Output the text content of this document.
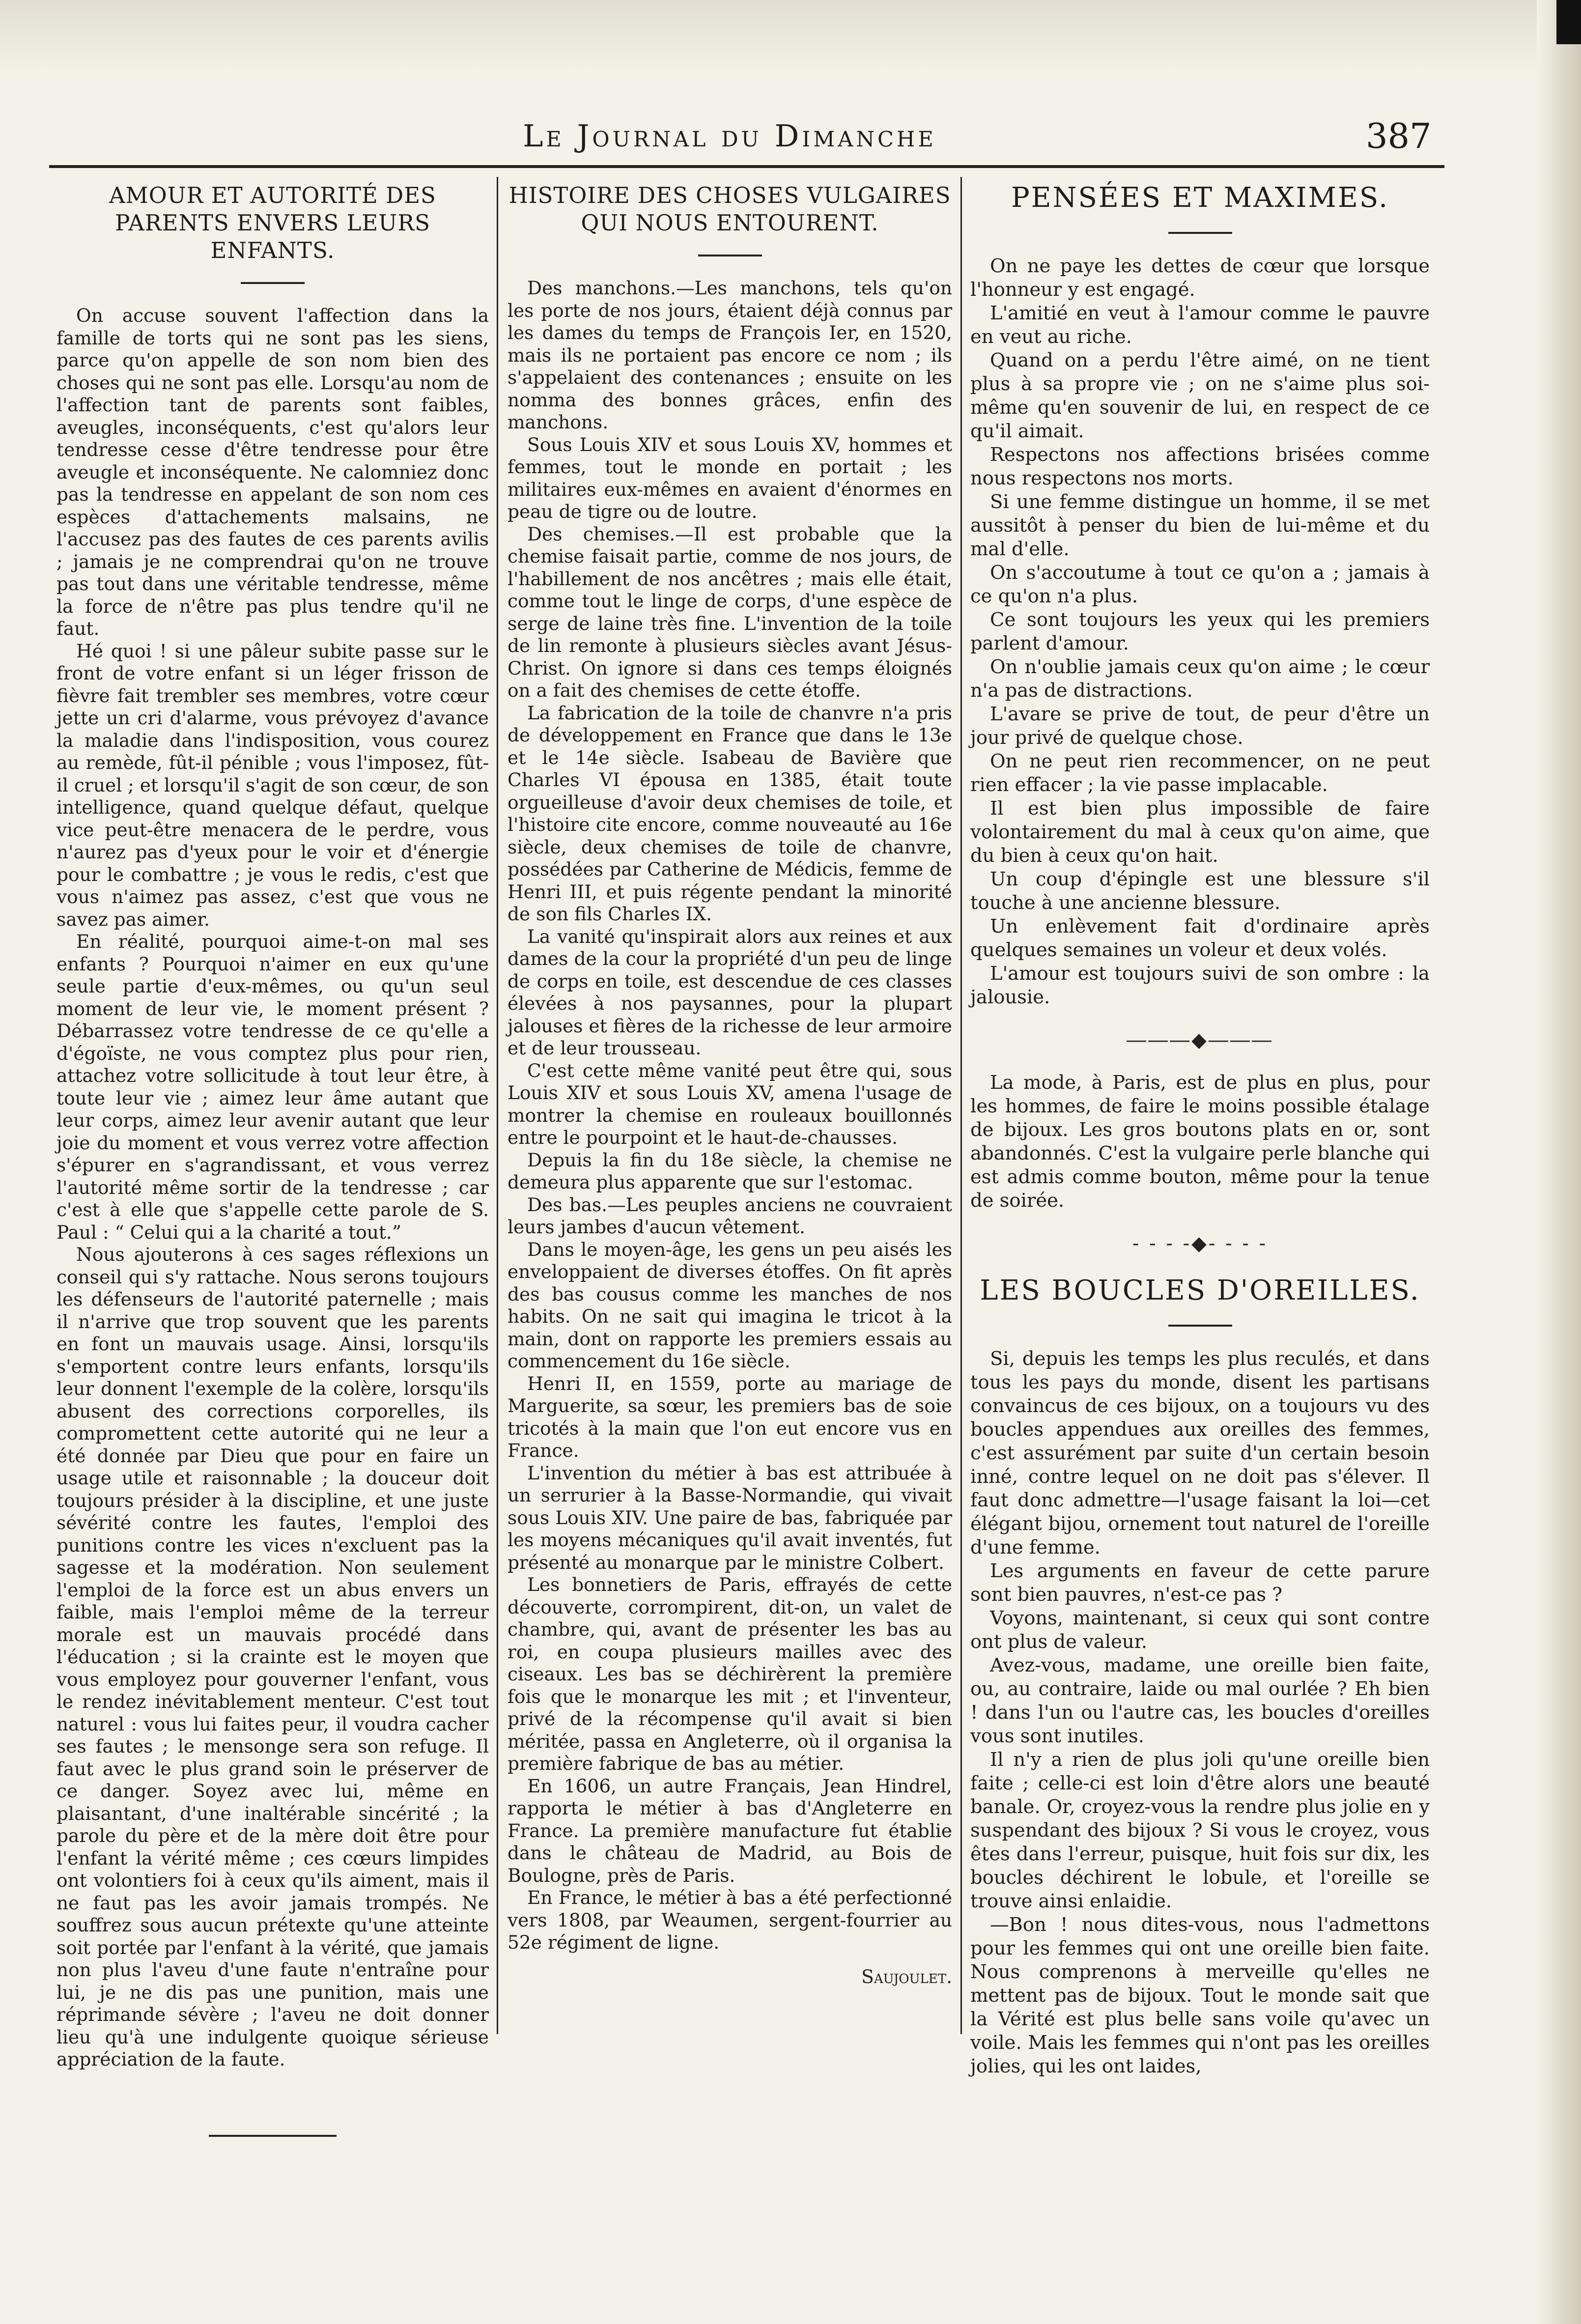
Le Journal du Dimanche	387
AMOUR ET AUTORITÉ DES PARENTS ENVERS LEURS ENFANTS.

On accuse souvent l'affection dans la famille de torts qui ne sont pas les siens, parce qu'on appelle de son nom bien des choses qui ne sont pas elle. Lorsqu'au nom de l'affection tant de parents sont faibles, aveugles, inconséquents, c'est qu'alors leur tendresse cesse d'être tendresse pour être aveugle et inconséquente. Ne calomniez donc pas la tendresse en appelant de son nom ces espèces d'attachements malsains, ne l'accusez pas des fautes de ces parents avilis ; jamais je ne comprendrai qu'on ne trouve pas tout dans une véritable tendresse, même la force de n'être pas plus tendre qu'il ne faut.

Hé quoi ! si une pâleur subite passe sur le front de votre enfant si un léger frisson de fièvre fait trembler ses membres, votre cœur jette un cri d'alarme, vous prévoyez d'avance la maladie dans l'indisposition, vous courez au remède, fût-il pénible ; vous l'imposez, fût-il cruel ; et lorsqu'il s'agit de son cœur, de son intelligence, quand quelque défaut, quelque vice peut-être menacera de le perdre, vous n'aurez pas d'yeux pour le voir et d'énergie pour le combattre ; je vous le redis, c'est que vous n'aimez pas assez, c'est que vous ne savez pas aimer.

En réalité, pourquoi aime-t-on mal ses enfants ? Pourquoi n'aimer en eux qu'une seule partie d'eux-mêmes, ou qu'un seul moment de leur vie, le moment présent ? Débarrassez votre tendresse de ce qu'elle a d'égoïste, ne vous comptez plus pour rien, attachez votre sollicitude à tout leur être, à toute leur vie ; aimez leur âme autant que leur corps, aimez leur avenir autant que leur joie du moment et vous verrez votre affection s'épurer en s'agrandissant, et vous verrez l'autorité même sortir de la tendresse ; car c'est à elle que s'appelle cette parole de S. Paul : “ Celui qui a la charité a tout.”

Nous ajouterons à ces sages réflexions un conseil qui s'y rattache. Nous serons toujours les défenseurs de l'autorité paternelle ; mais il n'arrive que trop souvent que les parents en font un mauvais usage. Ainsi, lorsqu'ils s'emportent contre leurs enfants, lorsqu'ils leur donnent l'exemple de la colère, lorsqu'ils abusent des corrections corporelles, ils compromettent cette autorité qui ne leur a été donnée par Dieu que pour en faire un usage utile et raisonnable ; la douceur doit toujours présider à la discipline, et une juste sévérité contre les fautes, l'emploi des punitions contre les vices n'excluent pas la sagesse et la modération. Non seulement l'emploi de la force est un abus envers un faible, mais l'emploi même de la terreur morale est un mauvais procédé dans l'éducation ; si la crainte est le moyen que vous employez pour gouverner l'enfant, vous le rendez inévitablement menteur. C'est tout naturel : vous lui faites peur, il voudra cacher ses fautes ; le mensonge sera son refuge. Il faut avec le plus grand soin le préserver de ce danger. Soyez avec lui, même en plaisantant, d'une inaltérable sincérité ; la parole du père et de la mère doit être pour l'enfant la vérité même ; ces cœurs limpides ont volontiers foi à ceux qu'ils aiment, mais il ne faut pas les avoir jamais trompés. Ne souffrez sous aucun prétexte qu'une atteinte soit portée par l'enfant à la vérité, que jamais non plus l'aveu d'une faute n'entraîne pour lui, je ne dis pas une punition, mais une réprimande sévère ; l'aveu ne doit donner lieu qu'à une indulgente quoique sérieuse appréciation de la faute.

HISTOIRE DES CHOSES VULGAIRES QUI NOUS ENTOURENT.

Des manchons.—Les manchons, tels qu'on les porte de nos jours, étaient déjà connus par les dames du temps de François Ier, en 1520, mais ils ne portaient pas encore ce nom ; ils s'appelaient des contenances ; ensuite on les nomma des bonnes grâces, enfin des manchons.

Sous Louis XIV et sous Louis XV, hommes et femmes, tout le monde en portait ; les militaires eux-mêmes en avaient d'énormes en peau de tigre ou de loutre.

Des chemises.—Il est probable que la chemise faisait partie, comme de nos jours, de l'habillement de nos ancêtres ; mais elle était, comme tout le linge de corps, d'une espèce de serge de laine très fine. L'invention de la toile de lin remonte à plusieurs siècles avant Jésus-Christ. On ignore si dans ces temps éloignés on a fait des chemises de cette étoffe.

La fabrication de la toile de chanvre n'a pris de développement en France que dans le 13e et le 14e siècle. Isabeau de Bavière que Charles VI épousa en 1385, était toute orgueilleuse d'avoir deux chemises de toile, et l'histoire cite encore, comme nouveauté au 16e siècle, deux chemises de toile de chanvre, possédées par Catherine de Médicis, femme de Henri III, et puis régente pendant la minorité de son fils Charles IX.

La vanité qu'inspirait alors aux reines et aux dames de la cour la propriété d'un peu de linge de corps en toile, est descendue de ces classes élevées à nos paysannes, pour la plupart jalouses et fières de la richesse de leur armoire et de leur trousseau.

C'est cette même vanité peut être qui, sous Louis XIV et sous Louis XV, amena l'usage de montrer la chemise en rouleaux bouillonnés entre le pourpoint et le haut-de-chausses.

Depuis la fin du 18e siècle, la chemise ne demeura plus apparente que sur l'estomac.

Des bas.—Les peuples anciens ne couvraient leurs jambes d'aucun vêtement.

Dans le moyen-âge, les gens un peu aisés les enveloppaient de diverses étoffes. On fit après des bas cousus comme les manches de nos habits. On ne sait qui imagina le tricot à la main, dont on rapporte les premiers essais au commencement du 16e siècle.

Henri II, en 1559, porte au mariage de Marguerite, sa sœur, les premiers bas de soie tricotés à la main que l'on eut encore vus en France.

L'invention du métier à bas est attribuée à un serrurier à la Basse-Normandie, qui vivait sous Louis XIV. Une paire de bas, fabriquée par les moyens mécaniques qu'il avait inventés, fut présenté au monarque par le ministre Colbert.

Les bonnetiers de Paris, effrayés de cette découverte, corrompirent, dit-on, un valet de chambre, qui, avant de présenter les bas au roi, en coupa plusieurs mailles avec des ciseaux. Les bas se déchirèrent la première fois que le monarque les mit ; et l'inventeur, privé de la récompense qu'il avait si bien méritée, passa en Angleterre, où il organisa la première fabrique de bas au métier.

En 1606, un autre Français, Jean Hindrel, rapporta le métier à bas d'Angleterre en France. La première manufacture fut établie dans le château de Madrid, au Bois de Boulogne, près de Paris.

En France, le métier à bas a été perfectionné vers 1808, par Weaumen, sergent-fourrier au 52e régiment de ligne.

Saujoulet.

PENSÉES ET MAXIMES.

On ne paye les dettes de cœur que lorsque l'honneur y est engagé.

L'amitié en veut à l'amour comme le pauvre en veut au riche.

Quand on a perdu l'être aimé, on ne tient plus à sa propre vie ; on ne s'aime plus soi-même qu'en souvenir de lui, en respect de ce qu'il aimait.

Respectons nos affections brisées comme nous respectons nos morts.

Si une femme distingue un homme, il se met aussitôt à penser du bien de lui-même et du mal d'elle.

On s'accoutume à tout ce qu'on a ; jamais à ce qu'on n'a plus.

Ce sont toujours les yeux qui les premiers parlent d'amour.

On n'oublie jamais ceux qu'on aime ; le cœur n'a pas de distractions.

L'avare se prive de tout, de peur d'être un jour privé de quelque chose.

On ne peut rien recommencer, on ne peut rien effacer ; la vie passe implacable.

Il est bien plus impossible de faire volontairement du mal à ceux qu'on aime, que du bien à ceux qu'on hait.

Un coup d'épingle est une blessure s'il touche à une ancienne blessure.

Un enlèvement fait d'ordinaire après quelques semaines un voleur et deux volés.

L'amour est toujours suivi de son ombre : la jalousie.

―――◆―――

La mode, à Paris, est de plus en plus, pour les hommes, de faire le moins possible étalage de bijoux. Les gros boutons plats en or, sont abandonnés. C'est la vulgaire perle blanche qui est admis comme bouton, même pour la tenue de soirée.

- - - -◆- - - -
LES BOUCLES D'OREILLES.

Si, depuis les temps les plus reculés, et dans tous les pays du monde, disent les partisans convaincus de ces bijoux, on a toujours vu des boucles appendues aux oreilles des femmes, c'est assurément par suite d'un certain besoin inné, contre lequel on ne doit pas s'élever. Il faut donc admettre—l'usage faisant la loi—cet élégant bijou, ornement tout naturel de l'oreille d'une femme.

Les arguments en faveur de cette parure sont bien pauvres, n'est-ce pas ?

Voyons, maintenant, si ceux qui sont contre ont plus de valeur.

Avez-vous, madame, une oreille bien faite, ou, au contraire, laide ou mal ourlée ? Eh bien ! dans l'un ou l'autre cas, les boucles d'oreilles vous sont inutiles.

Il n'y a rien de plus joli qu'une oreille bien faite ; celle-ci est loin d'être alors une beauté banale. Or, croyez-vous la rendre plus jolie en y suspendant des bijoux ? Si vous le croyez, vous êtes dans l'erreur, puisque, huit fois sur dix, les boucles déchirent le lobule, et l'oreille se trouve ainsi enlaidie.

—Bon ! nous dites-vous, nous l'admettons pour les femmes qui ont une oreille bien faite. Nous comprenons à merveille qu'elles ne mettent pas de bijoux. Tout le monde sait que la Vérité est plus belle sans voile qu'avec un voile. Mais les femmes qui n'ont pas les oreilles jolies, qui les ont laides,
